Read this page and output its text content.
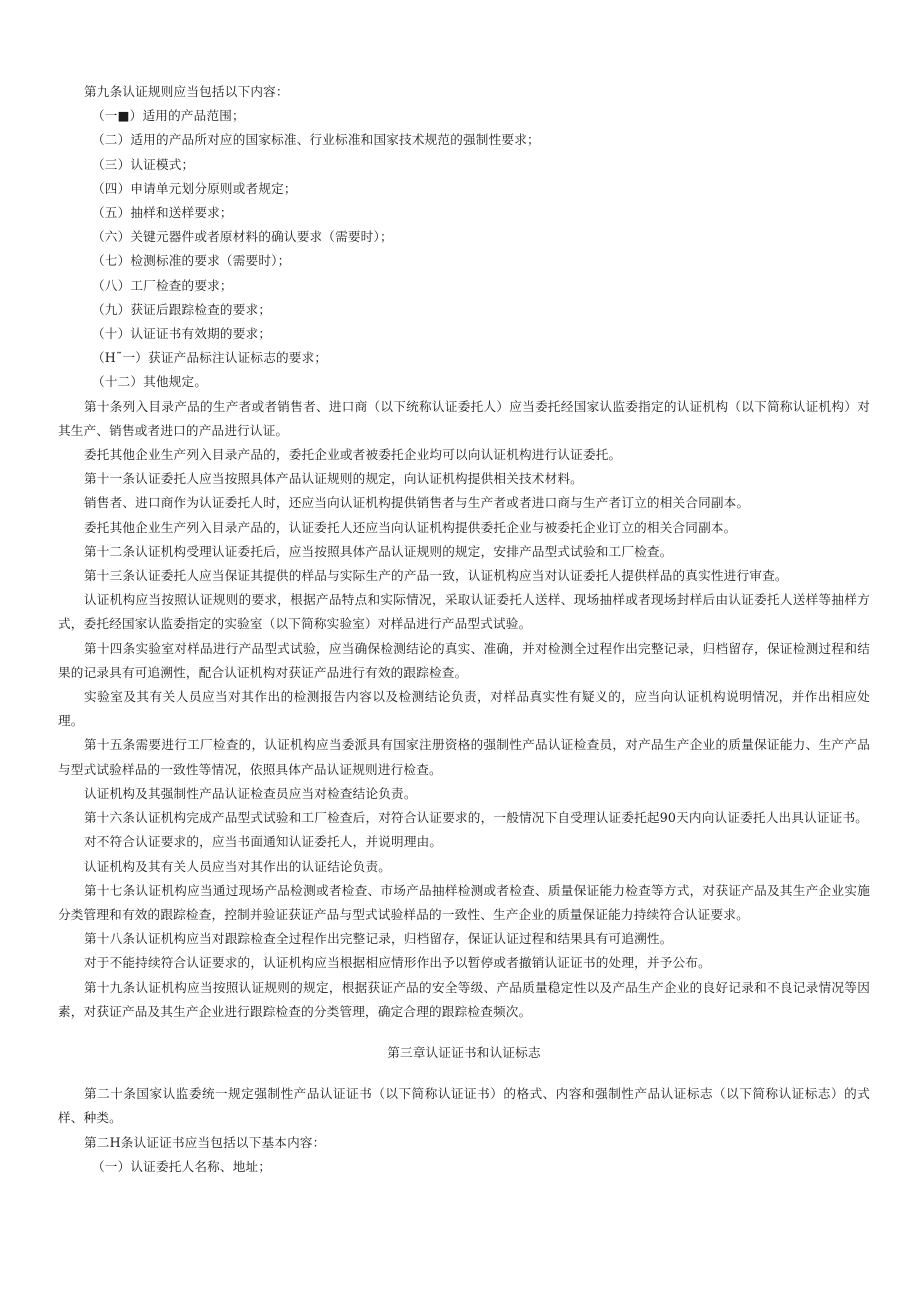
第九条认证规则应当包括以下内容：

（一■）适用的产品范围；

（二）适用的产品所对应的国家标准、行业标准和国家技术规范的强制性要求；

（三）认证模式；

（四）申请单元划分原则或者规定；

（五）抽样和送样要求；

（六）关键元器件或者原材料的确认要求（需要时）；

（七）检测标准的要求（需要时）；

（八）工厂检查的要求；

（九）获证后跟踪检查的要求；

（十）认证证书有效期的要求；

（H˜一）获证产品标注认证标志的要求；

（十二）其他规定。

第十条列入目录产品的生产者或者销售者、进口商（以下统称认证委托人）应当委托经国家认监委指定的认证机构（以下简称认证机构）对其生产、销售或者进口的产品进行认证。

委托其他企业生产列入目录产品的，委托企业或者被委托企业均可以向认证机构进行认证委托。

第十一条认证委托人应当按照具体产品认证规则的规定，向认证机构提供相关技术材料。

销售者、进口商作为认证委托人时，还应当向认证机构提供销售者与生产者或者进口商与生产者订立的相关合同副本。

委托其他企业生产列入目录产品的，认证委托人还应当向认证机构提供委托企业与被委托企业订立的相关合同副本。

第十二条认证机构受理认证委托后，应当按照具体产品认证规则的规定，安排产品型式试验和工厂检查。

第十三条认证委托人应当保证其提供的样品与实际生产的产品一致，认证机构应当对认证委托人提供样品的真实性进行审查。

认证机构应当按照认证规则的要求，根据产品特点和实际情况，采取认证委托人送样、现场抽样或者现场封样后由认证委托人送样等抽样方式，委托经国家认监委指定的实验室（以下简称实验室）对样品进行产品型式试验。

第十四条实验室对样品进行产品型式试验，应当确保检测结论的真实、准确，并对检测全过程作出完整记录，归档留存，保证检测过程和结果的记录具有可追溯性，配合认证机构对获证产品进行有效的跟踪检查。

实验室及其有关人员应当对其作出的检测报告内容以及检测结论负责，对样品真实性有疑义的，应当向认证机构说明情况，并作出相应处理。

第十五条需要进行工厂检查的，认证机构应当委派具有国家注册资格的强制性产品认证检查员，对产品生产企业的质量保证能力、生产产品与型式试验样品的一致性等情况，依照具体产品认证规则进行检查。

认证机构及其强制性产品认证检查员应当对检查结论负责。

第十六条认证机构完成产品型式试验和工厂检查后，对符合认证要求的，一般情况下自受理认证委托起90天内向认证委托人出具认证证书。

对不符合认证要求的，应当书面通知认证委托人，并说明理由。

认证机构及其有关人员应当对其作出的认证结论负责。

第十七条认证机构应当通过现场产品检测或者检查、市场产品抽样检测或者检查、质量保证能力检查等方式，对获证产品及其生产企业实施分类管理和有效的跟踪检查，控制并验证获证产品与型式试验样品的一致性、生产企业的质量保证能力持续符合认证要求。

第十八条认证机构应当对跟踪检查全过程作出完整记录，归档留存，保证认证过程和结果具有可追溯性。

对于不能持续符合认证要求的，认证机构应当根据相应情形作出予以暂停或者撤销认证证书的处理，并予公布。

第十九条认证机构应当按照认证规则的规定，根据获证产品的安全等级、产品质量稳定性以及产品生产企业的良好记录和不良记录情况等因素，对获证产品及其生产企业进行跟踪检查的分类管理，确定合理的跟踪检查频次。

第三章认证证书和认证标志

第二十条国家认监委统一规定强制性产品认证证书（以下简称认证证书）的格式、内容和强制性产品认证标志（以下简称认证标志）的式样、种类。

第二H条认证证书应当包括以下基本内容：

（一）认证委托人名称、地址；
